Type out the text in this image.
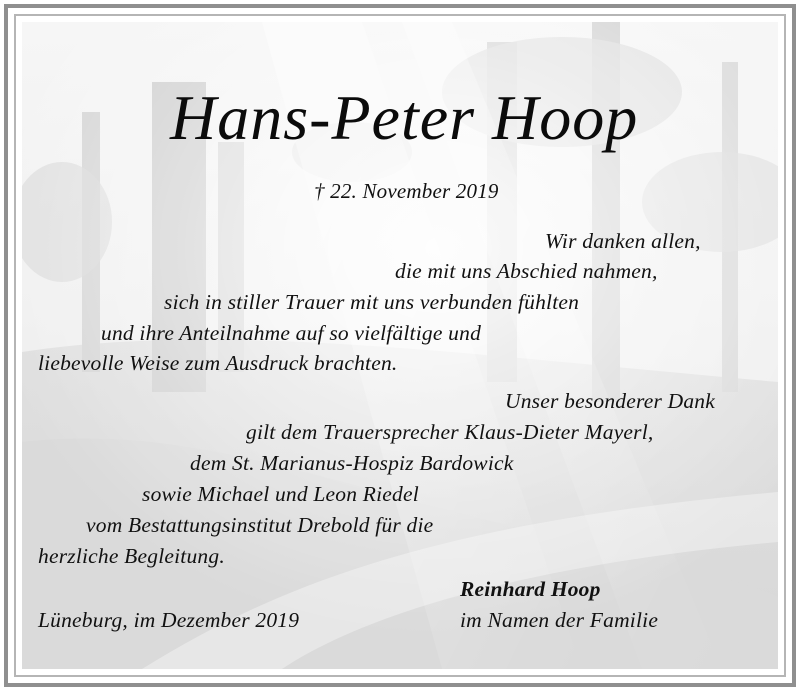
Hans-Peter Hoop
† 22. November 2019
Wir danken allen,
die mit uns Abschied nahmen,
sich in stiller Trauer mit uns verbunden fühlten
und ihre Anteilnahme auf so vielfältige und
liebevolle Weise zum Ausdruck brachten.
Unser besonderer Dank
gilt dem Trauersprecher Klaus-Dieter Mayerl,
dem St. Marianus-Hospiz Bardowick
sowie Michael und Leon Riedel
vom Bestattungsinstitut Drebold für die
herzliche Begleitung.
Reinhard Hoop
Lüneburg, im Dezember 2019	im Namen der Familie
